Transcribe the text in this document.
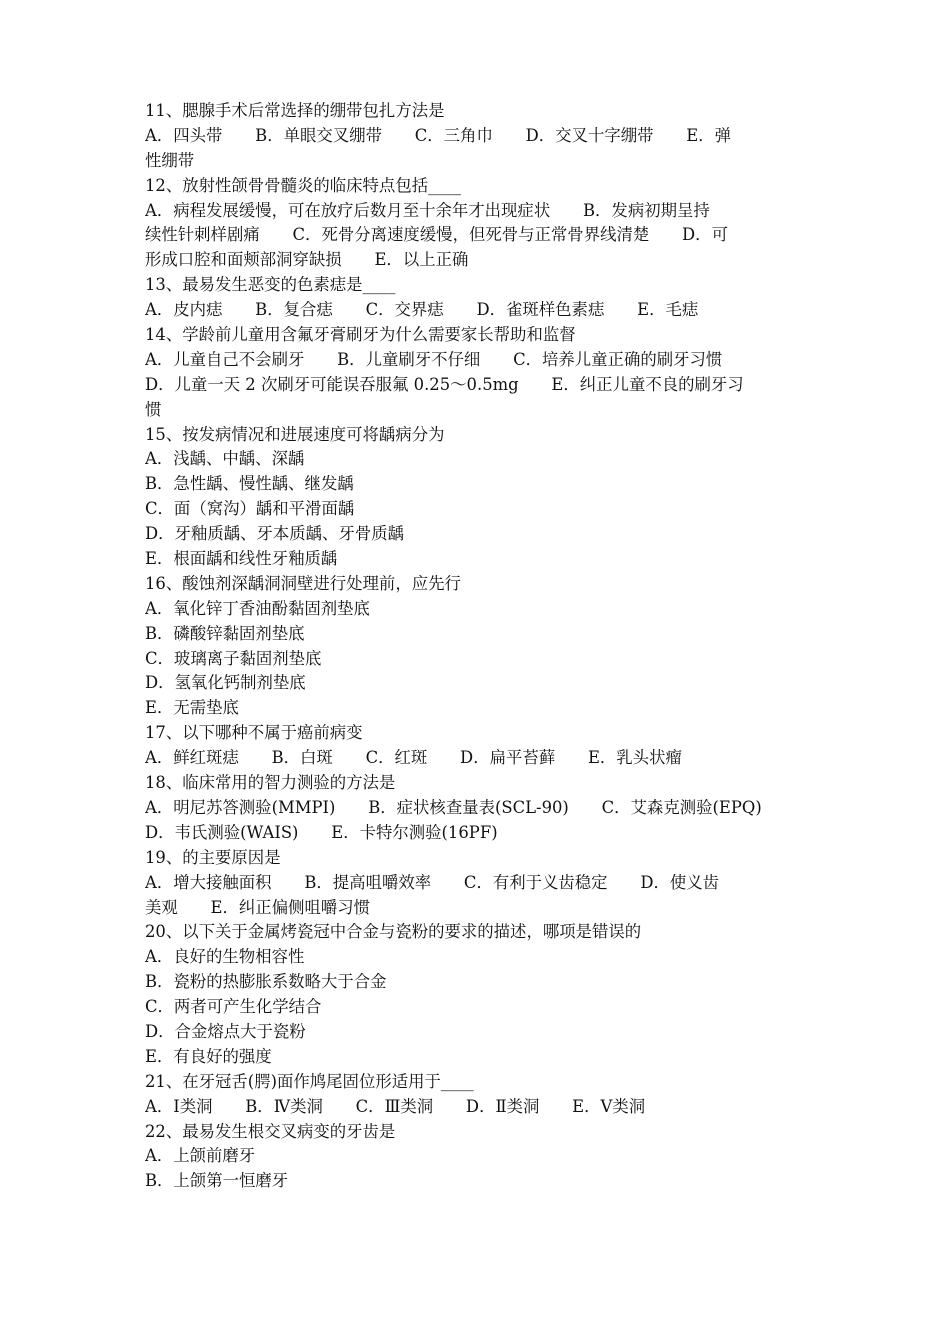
11、腮腺手术后常选择的绷带包扎方法是
A．四头带　　B．单眼交叉绷带　　C．三角巾　　D．交叉十字绷带　　E．弹
性绷带
12、放射性颌骨骨髓炎的临床特点包括____
A．病程发展缓慢，可在放疗后数月至十余年才出现症状　　B．发病初期呈持
续性针刺样剧痛　　C．死骨分离速度缓慢，但死骨与正常骨界线清楚　　D．可
形成口腔和面颊部洞穿缺损　　E．以上正确
13、最易发生恶变的色素痣是____
A．皮内痣　　B．复合痣　　C．交界痣　　D．雀斑样色素痣　　E．毛痣
14、学龄前儿童用含氟牙膏刷牙为什么需要家长帮助和监督
A．儿童自己不会刷牙　　B．儿童刷牙不仔细　　C．培养儿童正确的刷牙习惯
D．儿童一天 2 次刷牙可能误吞服氟 0.25～0.5mg　　E．纠正儿童不良的刷牙习
惯
15、按发病情况和进展速度可将龋病分为
A．浅龋、中龋、深龋
B．急性龋、慢性龋、继发龋
C．面（窝沟）龋和平滑面龋
D．牙釉质龋、牙本质龋、牙骨质龋
E．根面龋和线性牙釉质龋
16、酸蚀剂深龋洞洞壁进行处理前，应先行
A．氧化锌丁香油酚黏固剂垫底
B．磷酸锌黏固剂垫底
C．玻璃离子黏固剂垫底
D．氢氧化钙制剂垫底
E．无需垫底
17、以下哪种不属于癌前病变
A．鲜红斑痣　　B．白斑　　C．红斑　　D．扁平苔藓　　E．乳头状瘤
18、临床常用的智力测验的方法是
A．明尼苏答测验(MMPI)　　B．症状核查量表(SCL-90)　　C．艾森克测验(EPQ)
D．韦氏测验(WAIS)　　E．卡特尔测验(16PF)
19、的主要原因是
A．增大接触面积　　B．提高咀嚼效率　　C．有利于义齿稳定　　D．使义齿
美观　　E．纠正偏侧咀嚼习惯
20、以下关于金属烤瓷冠中合金与瓷粉的要求的描述，哪项是错误的
A．良好的生物相容性
B．瓷粉的热膨胀系数略大于合金
C．两者可产生化学结合
D．合金熔点大于瓷粉
E．有良好的强度
21、在牙冠舌(腭)面作鸠尾固位形适用于____
A．Ⅰ类洞　　B．Ⅳ类洞　　C．Ⅲ类洞　　D．Ⅱ类洞　　E．Ⅴ类洞
22、最易发生根交叉病变的牙齿是
A．上颌前磨牙
B．上颌第一恒磨牙
